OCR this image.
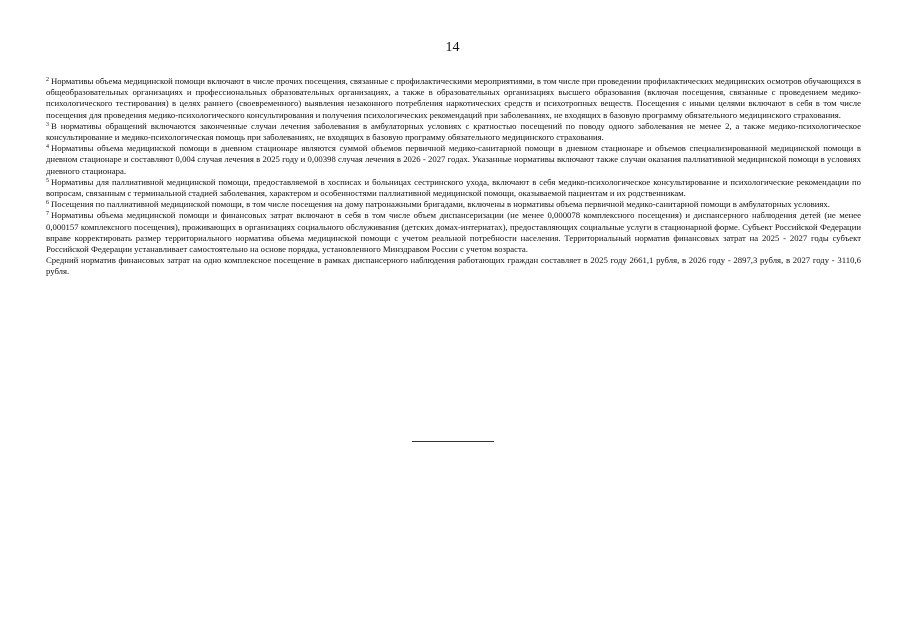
14

$^2$ Нормативы объема медицинской помощи включают в числе прочих посещения, связанные с профилактическими мероприятиями, в том числе при проведении профилактических медицинских осмотров обучающихся в общеобразовательных организациях и профессиональных образовательных организациях, а также в образовательных организациях высшего образования (включая посещения, связанные с проведением медико-психологического тестирования) в целях раннего (своевременного) выявления незаконного потребления наркотических средств и психотропных веществ. Посещения с иными целями включают в себя в том числе посещения для проведения медико-психологического консультирования и получения психологических рекомендаций при заболеваниях, не входящих в базовую программу обязательного медицинского страхования.

$^3$ В нормативы обращений включаются законченные случаи лечения заболевания в амбулаторных условиях с кратностью посещений по поводу одного заболевания не менее 2, а также медико-психологическое консультирование и медико-психологическая помощь при заболеваниях, не входящих в базовую программу обязательного медицинского страхования.

$^4$ Нормативы объема медицинской помощи в дневном стационаре являются суммой объемов первичной медико-санитарной помощи в дневном стационаре и объемов специализированной медицинской помощи в дневном стационаре и составляют 0,004 случая лечения в 2025 году и 0,00398 случая лечения в 2026 - 2027 годах. Указанные нормативы включают также случаи оказания паллиативной медицинской помощи в условиях дневного стационара.

$^5$ Нормативы для паллиативной медицинской помощи, предоставляемой в хосписах и больницах сестринского ухода, включают в себя медико-психологическое консультирование и психологические рекомендации по вопросам, связанным с терминальной стадией заболевания, характером и особенностями паллиативной медицинской помощи, оказываемой пациентам и их родственникам.

$^6$ Посещения по паллиативной медицинской помощи, в том числе посещения на дому патронажными бригадами, включены в нормативы объема первичной медико-санитарной помощи в амбулаторных условиях.

$^7$ Нормативы объема медицинской помощи и финансовых затрат включают в себя в том числе объем диспансеризации (не менее 0,000078 комплексного посещения) и диспансерного наблюдения детей (не менее 0,000157 комплексного посещения), проживающих в организациях социального обслуживания (детских домах-интернатах), предоставляющих социальные услуги в стационарной форме. Субъект Российской Федерации вправе корректировать размер территориального норматива объема медицинской помощи с учетом реальной потребности населения. Территориальный норматив финансовых затрат на 2025 - 2027 годы субъект Российской Федерации устанавливает самостоятельно на основе порядка, установленного Минздравом России с учетом возраста.

Средний норматив финансовых затрат на одно комплексное посещение в рамках диспансерного наблюдения работающих граждан составляет в 2025 году 2661,1 рубля, в 2026 году - 2897,3 рубля, в 2027 году - 3110,6 рубля.
